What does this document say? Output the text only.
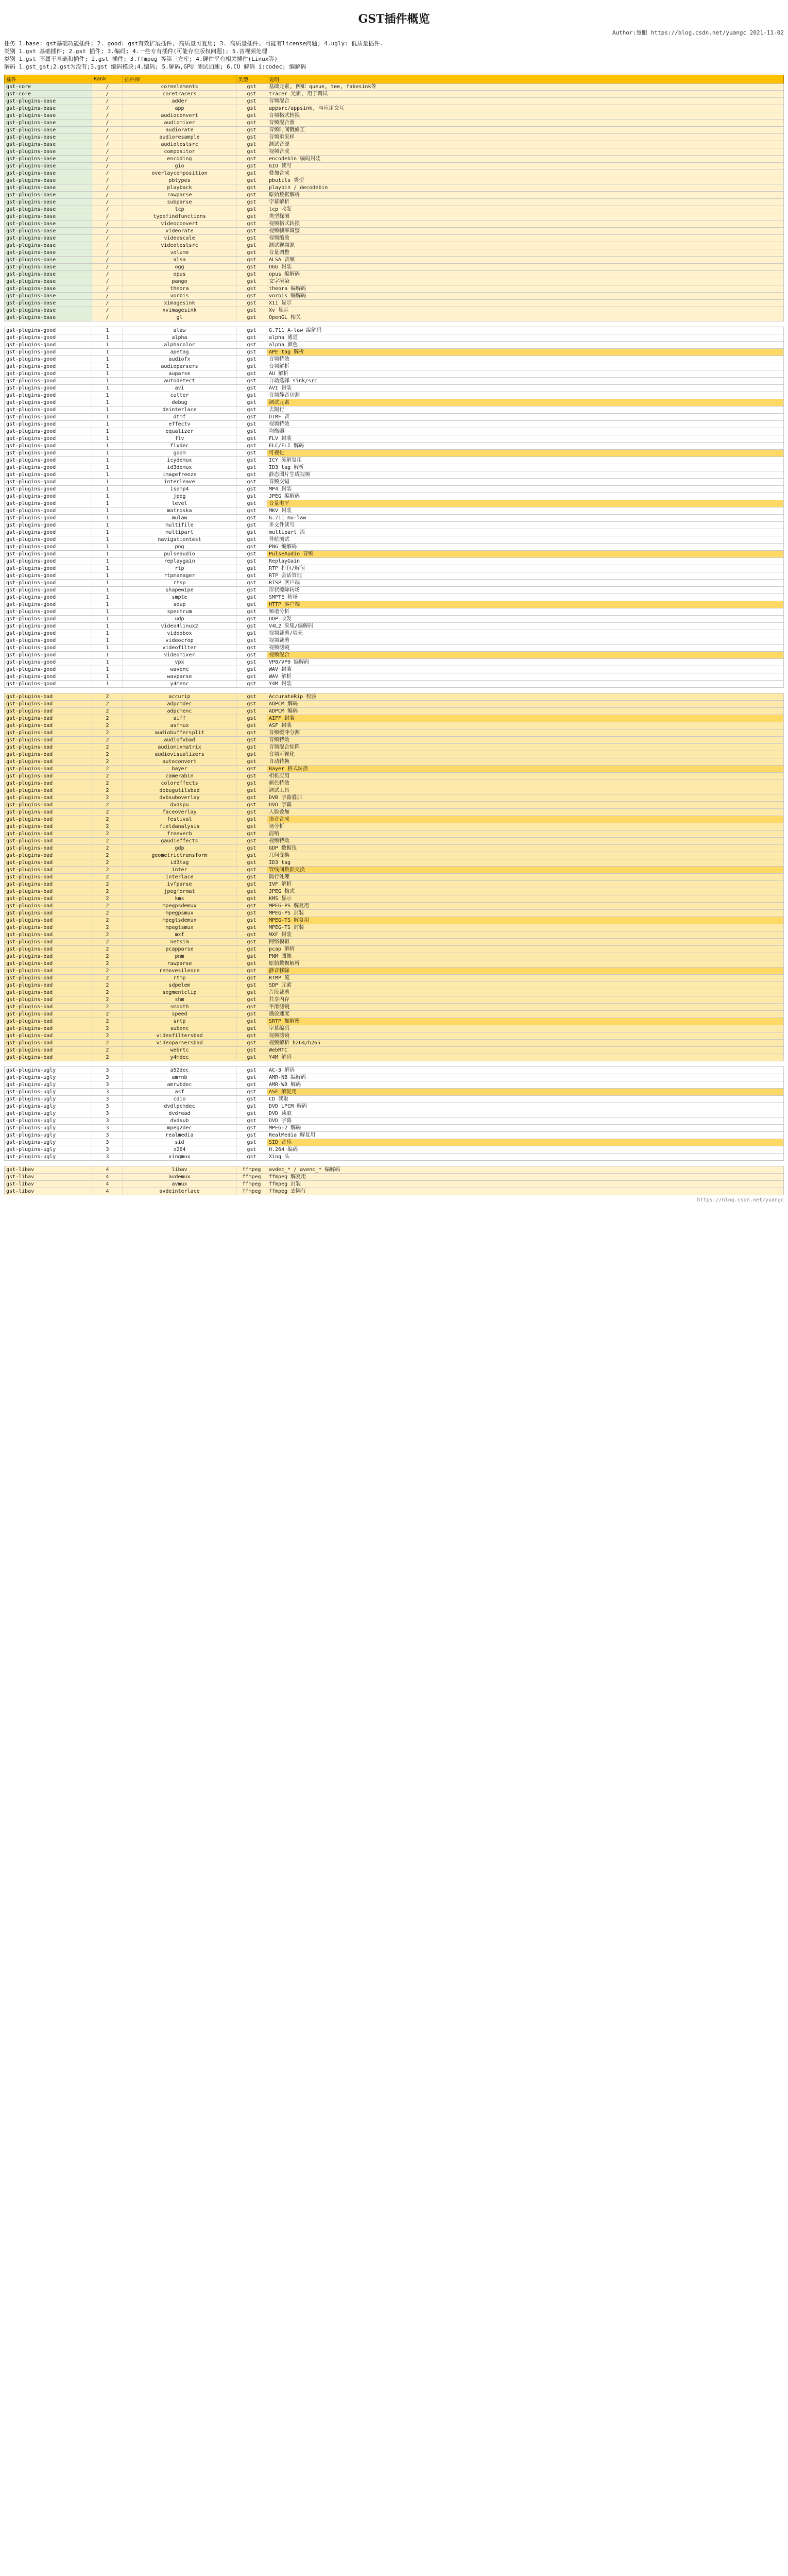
GST插件概览
Author:慧眼 https://blog.csdn.net/yuangc 2021-11-02
任务 1.base: gst基础功能插件; 2. good: gst有效扩展插件, 高质量可复用; 3. 高质量插件, 可能有license问题; 4.ugly: 低质量插件.
类别 1.gst 基础插件; 2.gst 插件; 3.编码; 4.一些专有插件(可能存在版权问题); 5.音视频处理
类别 1.gst 不属于基础和插件; 2.gst 插件; 3.ffmpeg 等第三方库; 4.硬件平台相关插件(Linux等)
解码 1.gst_gst;2.gst为没有;3.gst 编码模块;4.编码; 5.解码,GPU 测试加速; 6.CU 解码 i:codec; 编解码
插件	Rank	插件库	类型	说明
gst-core	/	coreelements	gst	基础元素, 例如 queue, tee, fakesink等
gst-core	/	coretracers	gst	tracer 元素, 用于调试
gst-plugins-base	/	adder	gst	音频混合
gst-plugins-base	/	app	gst	appsrc/appsink, 与应用交互
gst-plugins-base	/	audioconvert	gst	音频格式转换
gst-plugins-base	/	audiomixer	gst	音频混合器
gst-plugins-base	/	audiorate	gst	音频时间戳修正
gst-plugins-base	/	audioresample	gst	音频重采样
gst-plugins-base	/	audiotestsrc	gst	测试音源
gst-plugins-base	/	compositor	gst	视频合成
gst-plugins-base	/	encoding	gst	encodebin 编码封装
gst-plugins-base	/	gio	gst	GIO 读写
gst-plugins-base	/	overlaycomposition	gst	叠加合成
gst-plugins-base	/	pbtypes	gst	pbutils 类型
gst-plugins-base	/	playback	gst	playbin / decodebin
gst-plugins-base	/	rawparse	gst	原始数据解析
gst-plugins-base	/	subparse	gst	字幕解析
gst-plugins-base	/	tcp	gst	tcp 收发
gst-plugins-base	/	typefindfunctions	gst	类型探测
gst-plugins-base	/	videoconvert	gst	视频格式转换
gst-plugins-base	/	videorate	gst	视频帧率调整
gst-plugins-base	/	videoscale	gst	视频缩放
gst-plugins-base	/	videotestsrc	gst	测试视频源
gst-plugins-base	/	volume	gst	音量调整
gst-plugins-base	/	alsa	gst	ALSA 音频
gst-plugins-base	/	ogg	gst	OGG 封装
gst-plugins-base	/	opus	gst	opus 编解码
gst-plugins-base	/	pango	gst	文字渲染
gst-plugins-base	/	theora	gst	theora 编解码
gst-plugins-base	/	vorbis	gst	vorbis 编解码
gst-plugins-base	/	ximagesink	gst	X11 显示
gst-plugins-base	/	xvimagesink	gst	Xv 显示
gst-plugins-base	/	gl	gst	OpenGL 相关

gst-plugins-good	1	alaw	gst	G.711 A-law 编解码
gst-plugins-good	1	alpha	gst	alpha 通道
gst-plugins-good	1	alphacolor	gst	alpha 颜色
gst-plugins-good	1	apetag	gst	APE tag 解析
gst-plugins-good	1	audiofx	gst	音频特效
gst-plugins-good	1	audioparsers	gst	音频解析
gst-plugins-good	1	auparse	gst	AU 解析
gst-plugins-good	1	autodetect	gst	自动选择 sink/src
gst-plugins-good	1	avi	gst	AVI 封装
gst-plugins-good	1	cutter	gst	音频静音切割
gst-plugins-good	1	debug	gst	调试元素
gst-plugins-good	1	deinterlace	gst	去隔行
gst-plugins-good	1	dtmf	gst	DTMF 音
gst-plugins-good	1	effectv	gst	视频特效
gst-plugins-good	1	equalizer	gst	均衡器
gst-plugins-good	1	flv	gst	FLV 封装
gst-plugins-good	1	flxdec	gst	FLC/FLI 解码
gst-plugins-good	1	goom	gst	可视化
gst-plugins-good	1	icydemux	gst	ICY 流解复用
gst-plugins-good	1	id3demux	gst	ID3 tag 解析
gst-plugins-good	1	imagefreeze	gst	静态图片生成视频
gst-plugins-good	1	interleave	gst	音频交错
gst-plugins-good	1	isomp4	gst	MP4 封装
gst-plugins-good	1	jpeg	gst	JPEG 编解码
gst-plugins-good	1	level	gst	音量电平
gst-plugins-good	1	matroska	gst	MKV 封装
gst-plugins-good	1	mulaw	gst	G.711 mu-law
gst-plugins-good	1	multifile	gst	多文件读写
gst-plugins-good	1	multipart	gst	multipart 流
gst-plugins-good	1	navigationtest	gst	导航测试
gst-plugins-good	1	png	gst	PNG 编解码
gst-plugins-good	1	pulseaudio	gst	PulseAudio 音频
gst-plugins-good	1	replaygain	gst	ReplayGain
gst-plugins-good	1	rtp	gst	RTP 打包/解包
gst-plugins-good	1	rtpmanager	gst	RTP 会话管理
gst-plugins-good	1	rtsp	gst	RTSP 客户端
gst-plugins-good	1	shapewipe	gst	形状擦除转场
gst-plugins-good	1	smpte	gst	SMPTE 转场
gst-plugins-good	1	soup	gst	HTTP 客户端
gst-plugins-good	1	spectrum	gst	频谱分析
gst-plugins-good	1	udp	gst	UDP 收发
gst-plugins-good	1	video4linux2	gst	V4L2 采集/编解码
gst-plugins-good	1	videobox	gst	视频裁剪/填充
gst-plugins-good	1	videocrop	gst	视频裁剪
gst-plugins-good	1	videofilter	gst	视频滤镜
gst-plugins-good	1	videomixer	gst	视频混合
gst-plugins-good	1	vpx	gst	VP8/VP9 编解码
gst-plugins-good	1	wavenc	gst	WAV 封装
gst-plugins-good	1	wavparse	gst	WAV 解析
gst-plugins-good	1	y4menc	gst	Y4M 封装

gst-plugins-bad	2	accurip	gst	AccurateRip 校验
gst-plugins-bad	2	adpcmdec	gst	ADPCM 解码
gst-plugins-bad	2	adpcmenc	gst	ADPCM 编码
gst-plugins-bad	2	aiff	gst	AIFF 封装
gst-plugins-bad	2	asfmux	gst	ASF 封装
gst-plugins-bad	2	audiobuffersplit	gst	音频缓冲分割
gst-plugins-bad	2	audiofxbad	gst	音频特效
gst-plugins-bad	2	audiomixmatrix	gst	音频混合矩阵
gst-plugins-bad	2	audiovisualizers	gst	音频可视化
gst-plugins-bad	2	autoconvert	gst	自动转换
gst-plugins-bad	2	bayer	gst	Bayer 格式转换
gst-plugins-bad	2	camerabin	gst	相机应用
gst-plugins-bad	2	coloreffects	gst	颜色特效
gst-plugins-bad	2	debugutilsbad	gst	调试工具
gst-plugins-bad	2	dvbsuboverlay	gst	DVB 字幕叠加
gst-plugins-bad	2	dvdspu	gst	DVD 字幕
gst-plugins-bad	2	faceoverlay	gst	人脸叠加
gst-plugins-bad	2	festival	gst	语音合成
gst-plugins-bad	2	fieldanalysis	gst	场分析
gst-plugins-bad	2	freeverb	gst	混响
gst-plugins-bad	2	gaudieffects	gst	视频特效
gst-plugins-bad	2	gdp	gst	GDP 数据包
gst-plugins-bad	2	geometrictransform	gst	几何变换
gst-plugins-bad	2	id3tag	gst	ID3 tag
gst-plugins-bad	2	inter	gst	管线间数据交换
gst-plugins-bad	2	interlace	gst	隔行处理
gst-plugins-bad	2	ivfparse	gst	IVF 解析
gst-plugins-bad	2	jpegformat	gst	JPEG 格式
gst-plugins-bad	2	kms	gst	KMS 显示
gst-plugins-bad	2	mpegpsdemux	gst	MPEG-PS 解复用
gst-plugins-bad	2	mpegpsmux	gst	MPEG-PS 封装
gst-plugins-bad	2	mpegtsdemux	gst	MPEG-TS 解复用
gst-plugins-bad	2	mpegtsmux	gst	MPEG-TS 封装
gst-plugins-bad	2	mxf	gst	MXF 封装
gst-plugins-bad	2	netsim	gst	网络模拟
gst-plugins-bad	2	pcapparse	gst	pcap 解析
gst-plugins-bad	2	pnm	gst	PNM 图像
gst-plugins-bad	2	rawparse	gst	原始数据解析
gst-plugins-bad	2	removesilence	gst	静音移除
gst-plugins-bad	2	rtmp	gst	RTMP 流
gst-plugins-bad	2	sdpelem	gst	SDP 元素
gst-plugins-bad	2	segmentclip	gst	片段裁剪
gst-plugins-bad	2	shm	gst	共享内存
gst-plugins-bad	2	smooth	gst	平滑滤镜
gst-plugins-bad	2	speed	gst	播放速度
gst-plugins-bad	2	srtp	gst	SRTP 加解密
gst-plugins-bad	2	subenc	gst	字幕编码
gst-plugins-bad	2	videofiltersbad	gst	视频滤镜
gst-plugins-bad	2	videoparsersbad	gst	视频解析 h264/h265
gst-plugins-bad	2	webrtc	gst	WebRTC
gst-plugins-bad	2	y4mdec	gst	Y4M 解码

gst-plugins-ugly	3	a52dec	gst	AC-3 解码
gst-plugins-ugly	3	amrnb	gst	AMR-NB 编解码
gst-plugins-ugly	3	amrwbdec	gst	AMR-WB 解码
gst-plugins-ugly	3	asf	gst	ASF 解复用
gst-plugins-ugly	3	cdio	gst	CD 读取
gst-plugins-ugly	3	dvdlpcmdec	gst	DVD LPCM 解码
gst-plugins-ugly	3	dvdread	gst	DVD 读取
gst-plugins-ugly	3	dvdsub	gst	DVD 字幕
gst-plugins-ugly	3	mpeg2dec	gst	MPEG-2 解码
gst-plugins-ugly	3	realmedia	gst	RealMedia 解复用
gst-plugins-ugly	3	sid	gst	SID 音乐
gst-plugins-ugly	3	x264	gst	H.264 编码
gst-plugins-ugly	3	xingmux	gst	Xing 头

gst-libav	4	libav	ffmpeg	avdec_* / avenc_* 编解码
gst-libav	4	avdemux	ffmpeg	ffmpeg 解复用
gst-libav	4	avmux	ffmpeg	ffmpeg 封装
gst-libav	4	avdeinterlace	ffmpeg	ffmpeg 去隔行
https://blog.csdn.net/yuangc
